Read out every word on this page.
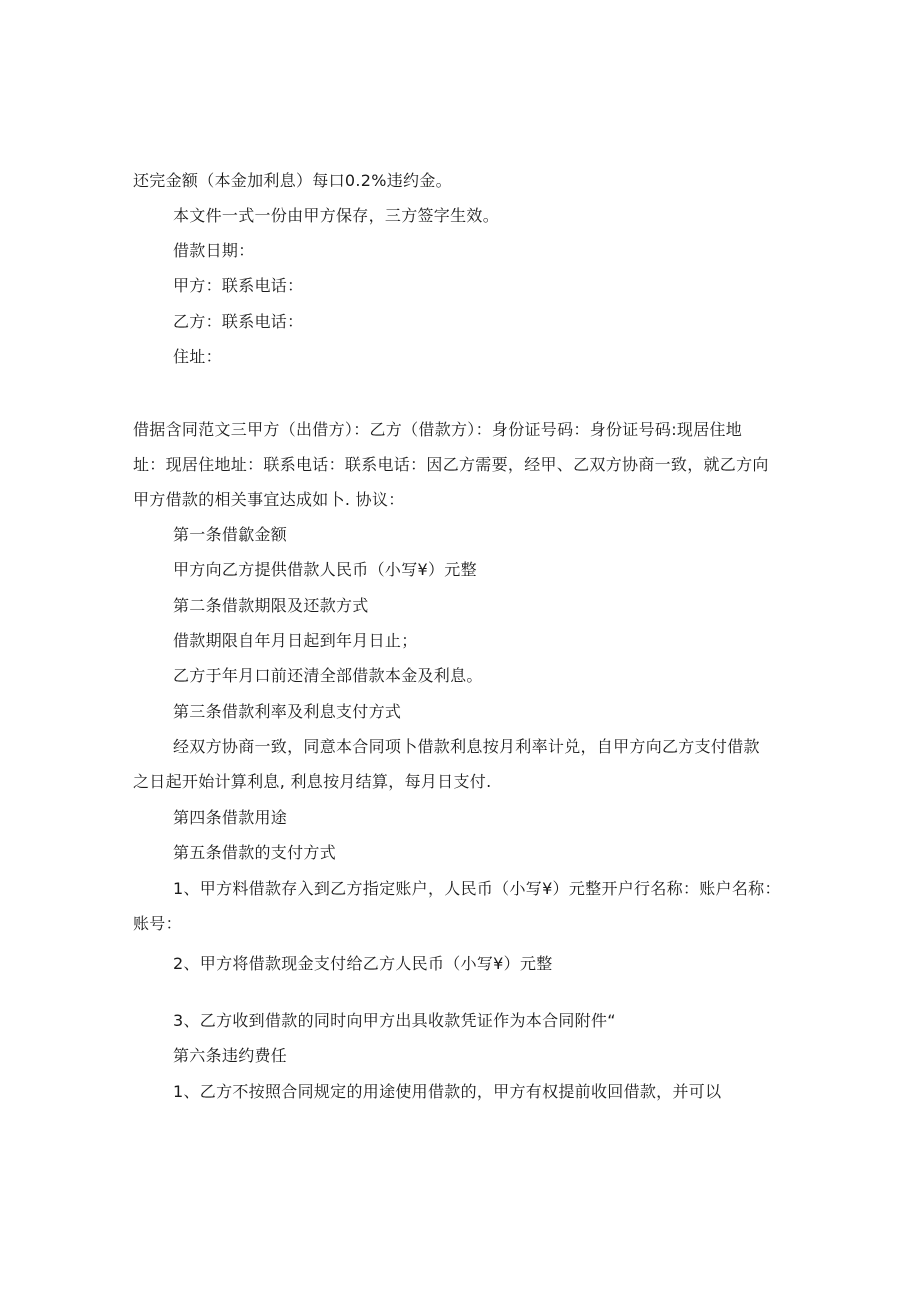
还完金额（本金加利息）每口0.2%违约金。
本文件一式一份由甲方保存，三方签字生效。
借款日期：
甲方：联系电话：
乙方：联系电话：
住址：
借据含同范文三甲方（出借方）：乙方（借款方）：身份证号码：身份证号码:现居住地
址：现居住地址：联系电话：联系电话：因乙方需要，经甲、乙双方协商一致，就乙方向
甲方借款的相关事宜达成如卜. 协议：
第一条借歙金额
甲方向乙方提供借款人民币（小写¥）元整
第二条借款期限及还款方式
借款期限自年月日起到年月日止；
乙方于年月口前还清全部借款本金及利息。
第三条借款利率及利息支付方式
经双方协商一致，同意本合同项卜借款利息按月利率计兑，自甲方向乙方支付借款
之日起开始计算利息, 利息按月结算，每月日支付.
第四条借款用途
第五条借款的支付方式
1、甲方料借款存入到乙方指定账户，人民币（小写¥）元整开户行名称：账户名称：
账号：
2、甲方将借款现金支付给乙方人民币（小写¥）元整
3、乙方收到借款的同时向甲方出具收款凭证作为本合同附件“
第六条违约费任
1、乙方不按照合同规定的用途使用借款的，甲方有权提前收回借款，并可以
